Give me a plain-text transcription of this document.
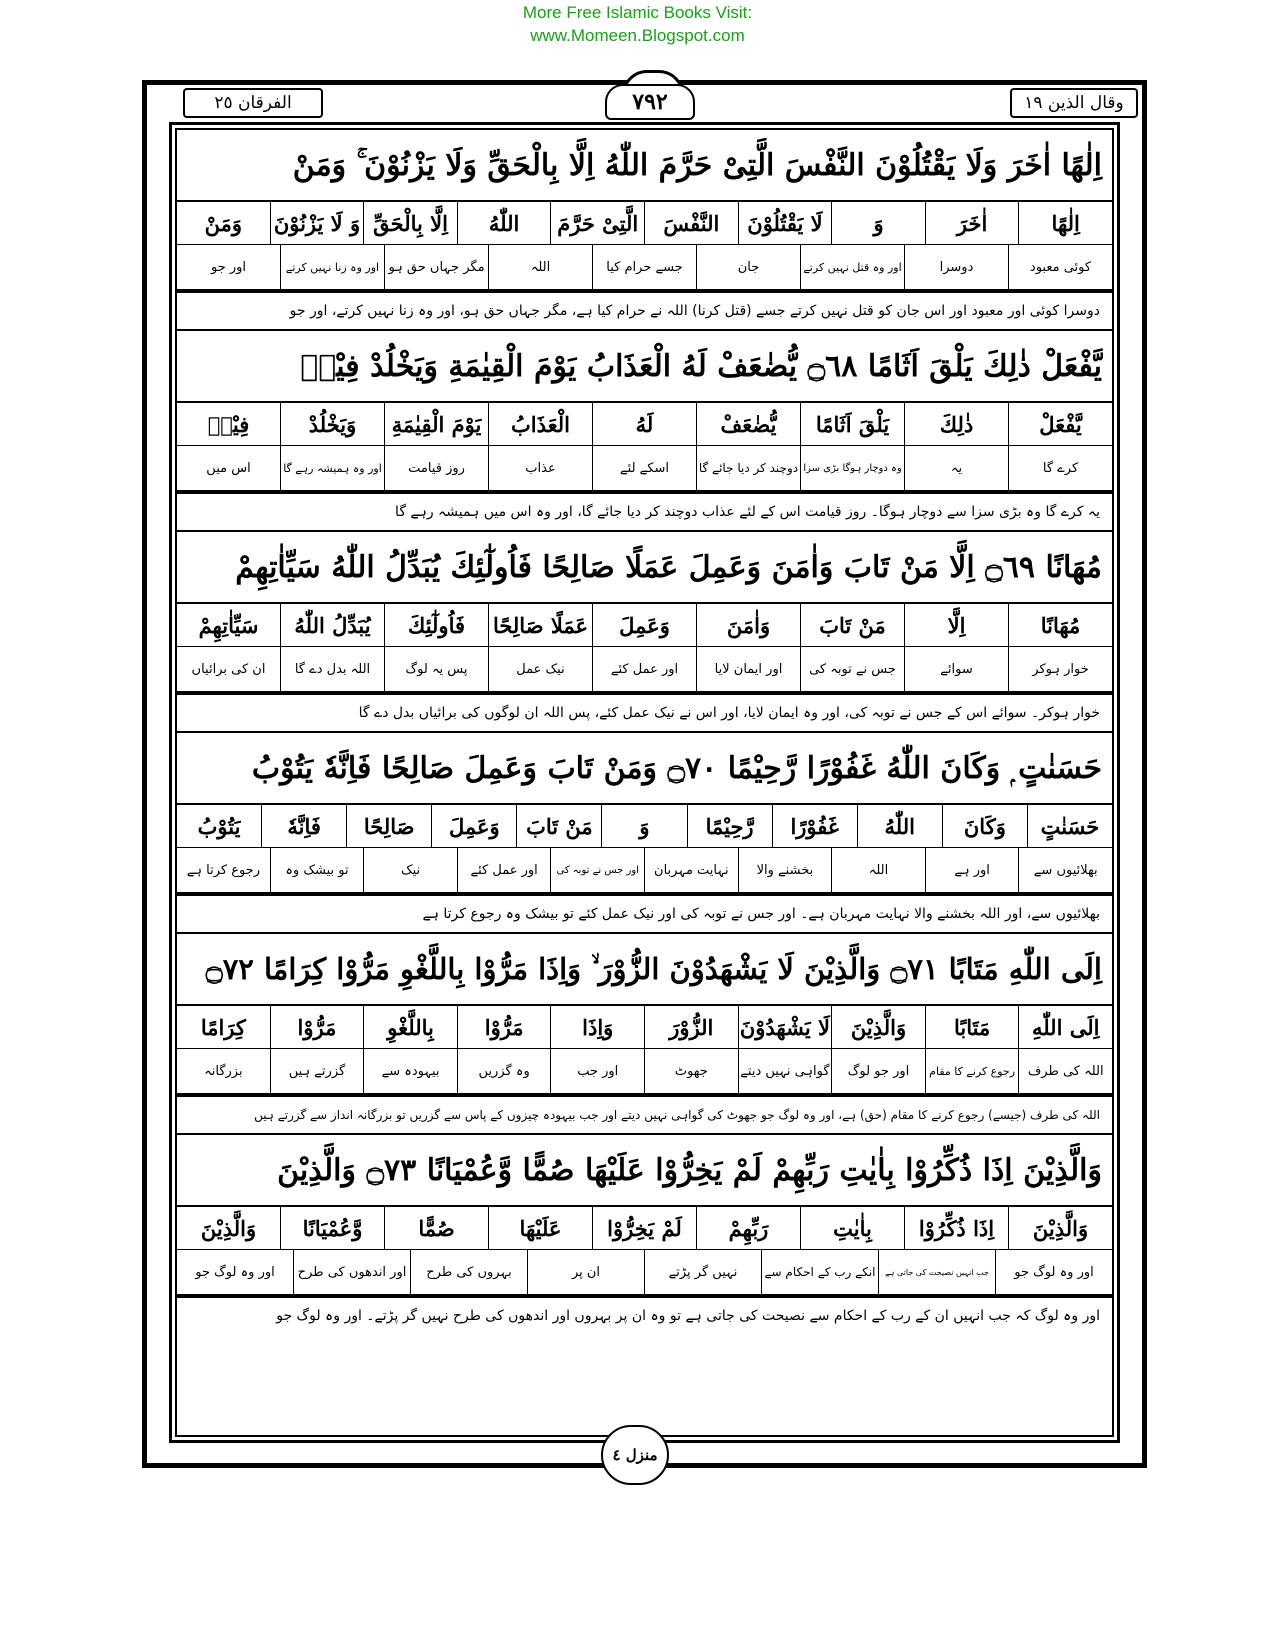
More Free Islamic Books Visit:
www.Momeen.Blogspot.com
الفرقان ٢٥	٧٩٢	وقال الذين ١٩
اِلٰهًا اٰخَرَ وَلَا يَقْتُلُوْنَ النَّفْسَ الَّتِىْ حَرَّمَ اللّٰهُ اِلَّا بِالْحَقِّ وَلَا يَزْنُوْنَ ۚ وَمَنْ
اِلٰهًا
اٰخَرَ
وَ
لَا يَقْتُلُوْنَ
النَّفْسَ
الَّتِىْ حَرَّمَ
اللّٰهُ
اِلَّا بِالْحَقِّ
وَ لَا يَزْنُوْنَ
وَمَنْ
کوئی معبود
دوسرا
اور وہ قتل نہیں کرتے
جان
جسے حرام کیا
اللہ
مگر جہاں حق ہو
اور وہ زنا نہیں کرتے
اور جو
دوسرا کوئی اور معبود اور اس جان کو قتل نہیں کرتے جسے (قتل کرنا) اللہ نے حرام کیا ہے، مگر جہاں حق ہو، اور وہ زنا نہیں کرتے، اور جو
يَّفْعَلْ ذٰلِكَ يَلْقَ اَثَامًا ۝٦٨ يُّضٰعَفْ لَهُ الْعَذَابُ يَوْمَ الْقِيٰمَةِ وَيَخْلُدْ فِيْهٖ
يَّفْعَلْ
ذٰلِكَ
يَلْقَ اَثَامًا
يُّضٰعَفْ
لَهُ
الْعَذَابُ
يَوْمَ الْقِيٰمَةِ
وَيَخْلُدْ
فِيْهٖ
کرے گا
یہ
وہ دوچار ہوگا بڑی سزا
دوچند کر دیا جائے گا
اسکے لئے
عذاب
روز قیامت
اور وہ ہمیشہ رہے گا
اس میں
یہ کرے گا وہ بڑی سزا سے دوچار ہوگا۔ روز قیامت اس کے لئے عذاب دوچند کر دیا جائے گا، اور وہ اس میں ہمیشہ رہے گا
مُهَانًا ۝٦٩ اِلَّا مَنْ تَابَ وَاٰمَنَ وَعَمِلَ عَمَلًا صَالِحًا فَاُولٰٓئِكَ يُبَدِّلُ اللّٰهُ سَيِّاٰتِهِمْ
مُهَانًا
اِلَّا
مَنْ تَابَ
وَاٰمَنَ
وَعَمِلَ
عَمَلًا صَالِحًا
فَاُولٰٓئِكَ
يُبَدِّلُ اللّٰهُ
سَيِّاٰتِهِمْ
خوار ہوکر
سوائے
جس نے توبہ کی
اور ایمان لایا
اور عمل کئے
نیک عمل
پس یہ لوگ
اللہ بدل دے گا
ان کی برائیاں
خوار ہوکر۔ سوائے اس کے جس نے توبہ کی، اور وہ ایمان لایا، اور اس نے نیک عمل کئے، پس اللہ ان لوگوں کی برائیاں بدل دے گا
حَسَنٰتٍ ۭ وَكَانَ اللّٰهُ غَفُوْرًا رَّحِيْمًا ۝٧٠ وَمَنْ تَابَ وَعَمِلَ صَالِحًا فَاِنَّهٗ يَتُوْبُ
حَسَنٰتٍ
وَكَانَ
اللّٰهُ
غَفُوْرًا
رَّحِيْمًا
وَ
مَنْ تَابَ
وَعَمِلَ
صَالِحًا
فَاِنَّهٗ
يَتُوْبُ
بھلائیوں سے
اور ہے
اللہ
بخشنے والا
نہایت مہربان
اور جس نے توبہ کی
اور عمل کئے
نیک
تو بیشک وہ
رجوع کرتا ہے
بھلائیوں سے، اور اللہ بخشنے والا نہایت مہربان ہے۔ اور جس نے توبہ کی اور نیک عمل کئے تو بیشک وہ رجوع کرتا ہے
اِلَى اللّٰهِ مَتَابًا ۝٧١ وَالَّذِيْنَ لَا يَشْهَدُوْنَ الزُّوْرَ ۙ وَاِذَا مَرُّوْا بِاللَّغْوِ مَرُّوْا كِرَامًا ۝٧٢
اِلَى اللّٰهِ
مَتَابًا
وَالَّذِيْنَ
لَا يَشْهَدُوْنَ
الزُّوْرَ
وَاِذَا
مَرُّوْا
بِاللَّغْوِ
مَرُّوْا
كِرَامًا
اللہ کی طرف
رجوع کرنے کا مقام
اور جو لوگ
گواہی نہیں دیتے
جھوٹ
اور جب
وہ گزریں
بیہودہ سے
گزرتے ہیں
بزرگانہ
اللہ کی طرف (جیسے) رجوع کرنے کا مقام (حق) ہے، اور وہ لوگ جو جھوٹ کی گواہی نہیں دیتے اور جب بیہودہ چیزوں کے پاس سے گزریں تو بزرگانہ انداز سے گزرتے ہیں
وَالَّذِيْنَ اِذَا ذُكِّرُوْا بِاٰيٰتِ رَبِّهِمْ لَمْ يَخِرُّوْا عَلَيْهَا صُمًّا وَّعُمْيَانًا ۝٧٣ وَالَّذِيْنَ
وَالَّذِيْنَ
اِذَا ذُكِّرُوْا
بِاٰيٰتِ
رَبِّهِمْ
لَمْ يَخِرُّوْا
عَلَيْهَا
صُمًّا
وَّعُمْيَانًا
وَالَّذِيْنَ
اور وہ لوگ جو
جب انہیں نصیحت کی جاتی ہے
انکے رب کے احکام سے
نہیں گر پڑتے
ان پر
بہروں کی طرح
اور اندھوں کی طرح
اور وہ لوگ جو
اور وہ لوگ کہ جب انہیں ان کے رب کے احکام سے نصیحت کی جاتی ہے تو وہ ان پر بہروں اور اندھوں کی طرح نہیں گر پڑتے۔ اور وہ لوگ جو
منزل ٤
